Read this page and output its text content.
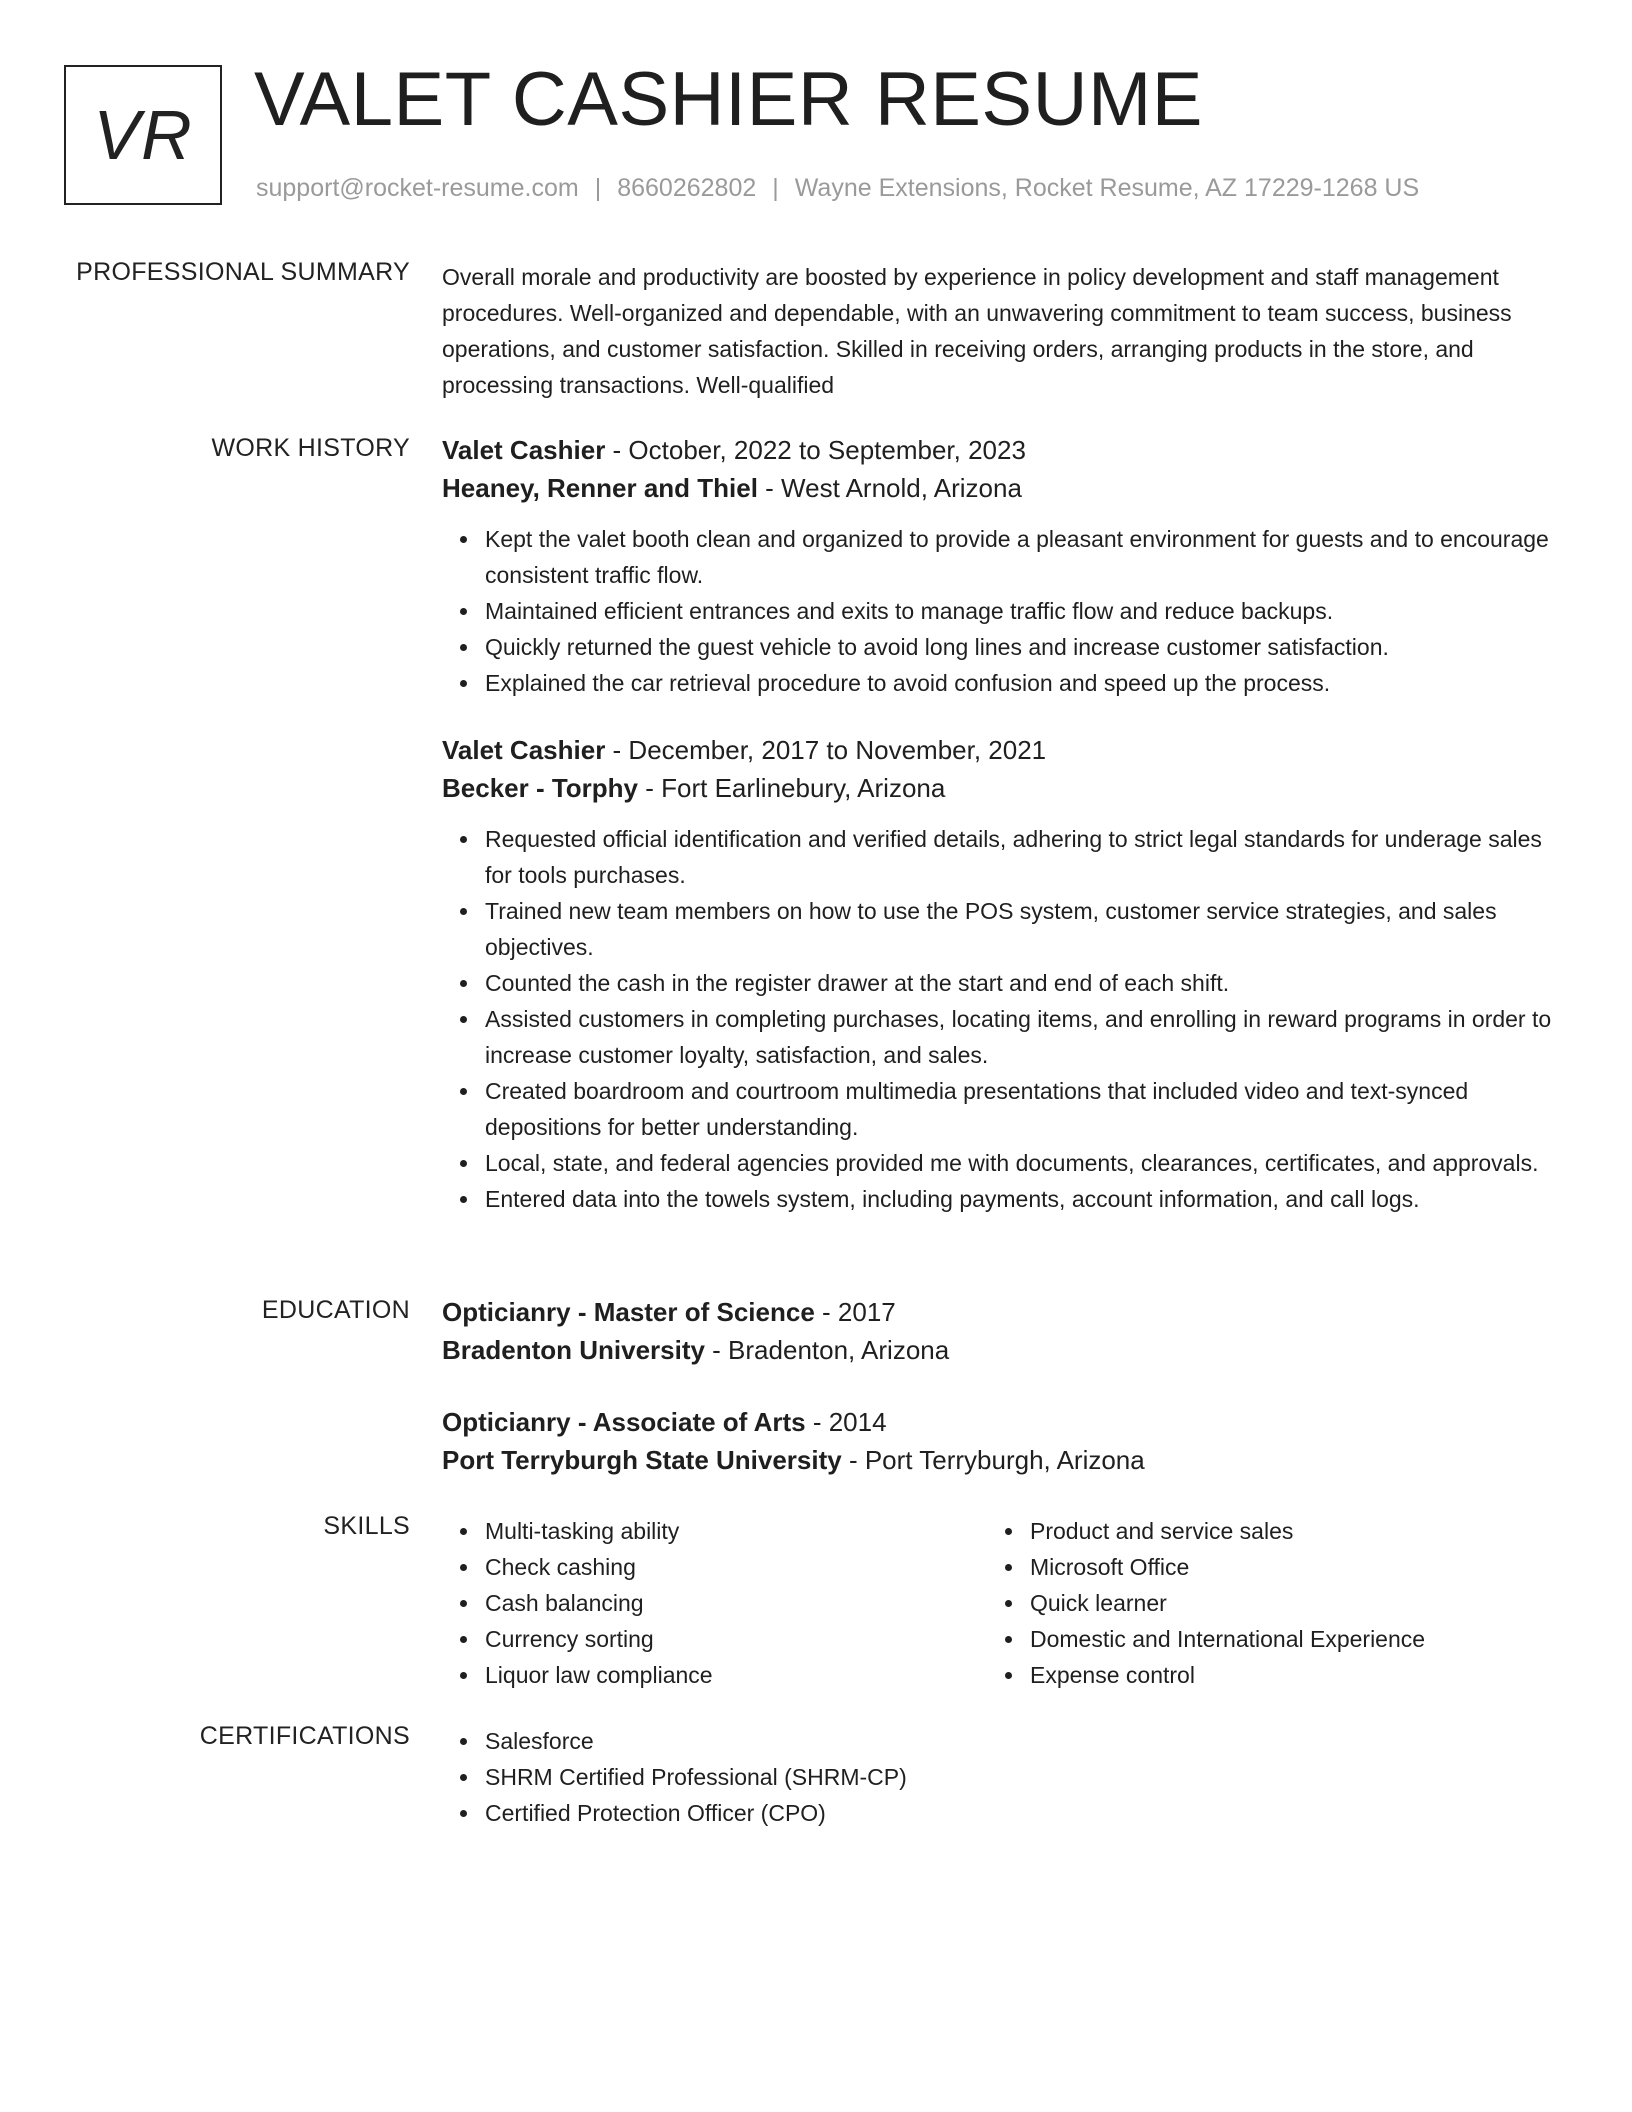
VR VALET CASHIER RESUME
support@rocket-resume.com | 8660262802 | Wayne Extensions, Rocket Resume, AZ 17229-1268 US
PROFESSIONAL SUMMARY Overall morale and productivity are boosted by experience in policy development and staff management procedures. Well-organized and dependable, with an unwavering commitment to team success, business operations, and customer satisfaction. Skilled in receiving orders, arranging products in the store, and processing transactions. Well-qualified

WORK HISTORY Valet Cashier - October, 2022 to September, 2023
Heaney, Renner and Thiel - West Arnold, Arizona
Kept the valet booth clean and organized to provide a pleasant environment for guests and to encourage consistent traffic flow.
Maintained efficient entrances and exits to manage traffic flow and reduce backups.
Quickly returned the guest vehicle to avoid long lines and increase customer satisfaction.
Explained the car retrieval procedure to avoid confusion and speed up the process.
Valet Cashier - December, 2017 to November, 2021
Becker - Torphy - Fort Earlinebury, Arizona
Requested official identification and verified details, adhering to strict legal standards for underage sales for tools purchases.
Trained new team members on how to use the POS system, customer service strategies, and sales objectives.
Counted the cash in the register drawer at the start and end of each shift.
Assisted customers in completing purchases, locating items, and enrolling in reward programs in order to increase customer loyalty, satisfaction, and sales.
Created boardroom and courtroom multimedia presentations that included video and text-synced depositions for better understanding.
Local, state, and federal agencies provided me with documents, clearances, certificates, and approvals.
Entered data into the towels system, including payments, account information, and call logs.
EDUCATION Opticianry - Master of Science - 2017
Bradenton University - Bradenton, Arizona
Opticianry - Associate of Arts - 2014
Port Terryburgh State University - Port Terryburgh, Arizona
SKILLS	Multi-tasking ability
Check cashing
Cash balancing
Currency sorting
Liquor law compliance
Product and service sales
Microsoft Office
Quick learner
Domestic and International Experience
Expense control
CERTIFICATIONS	Salesforce
SHRM Certified Professional (SHRM-CP)
Certified Protection Officer (CPO)
